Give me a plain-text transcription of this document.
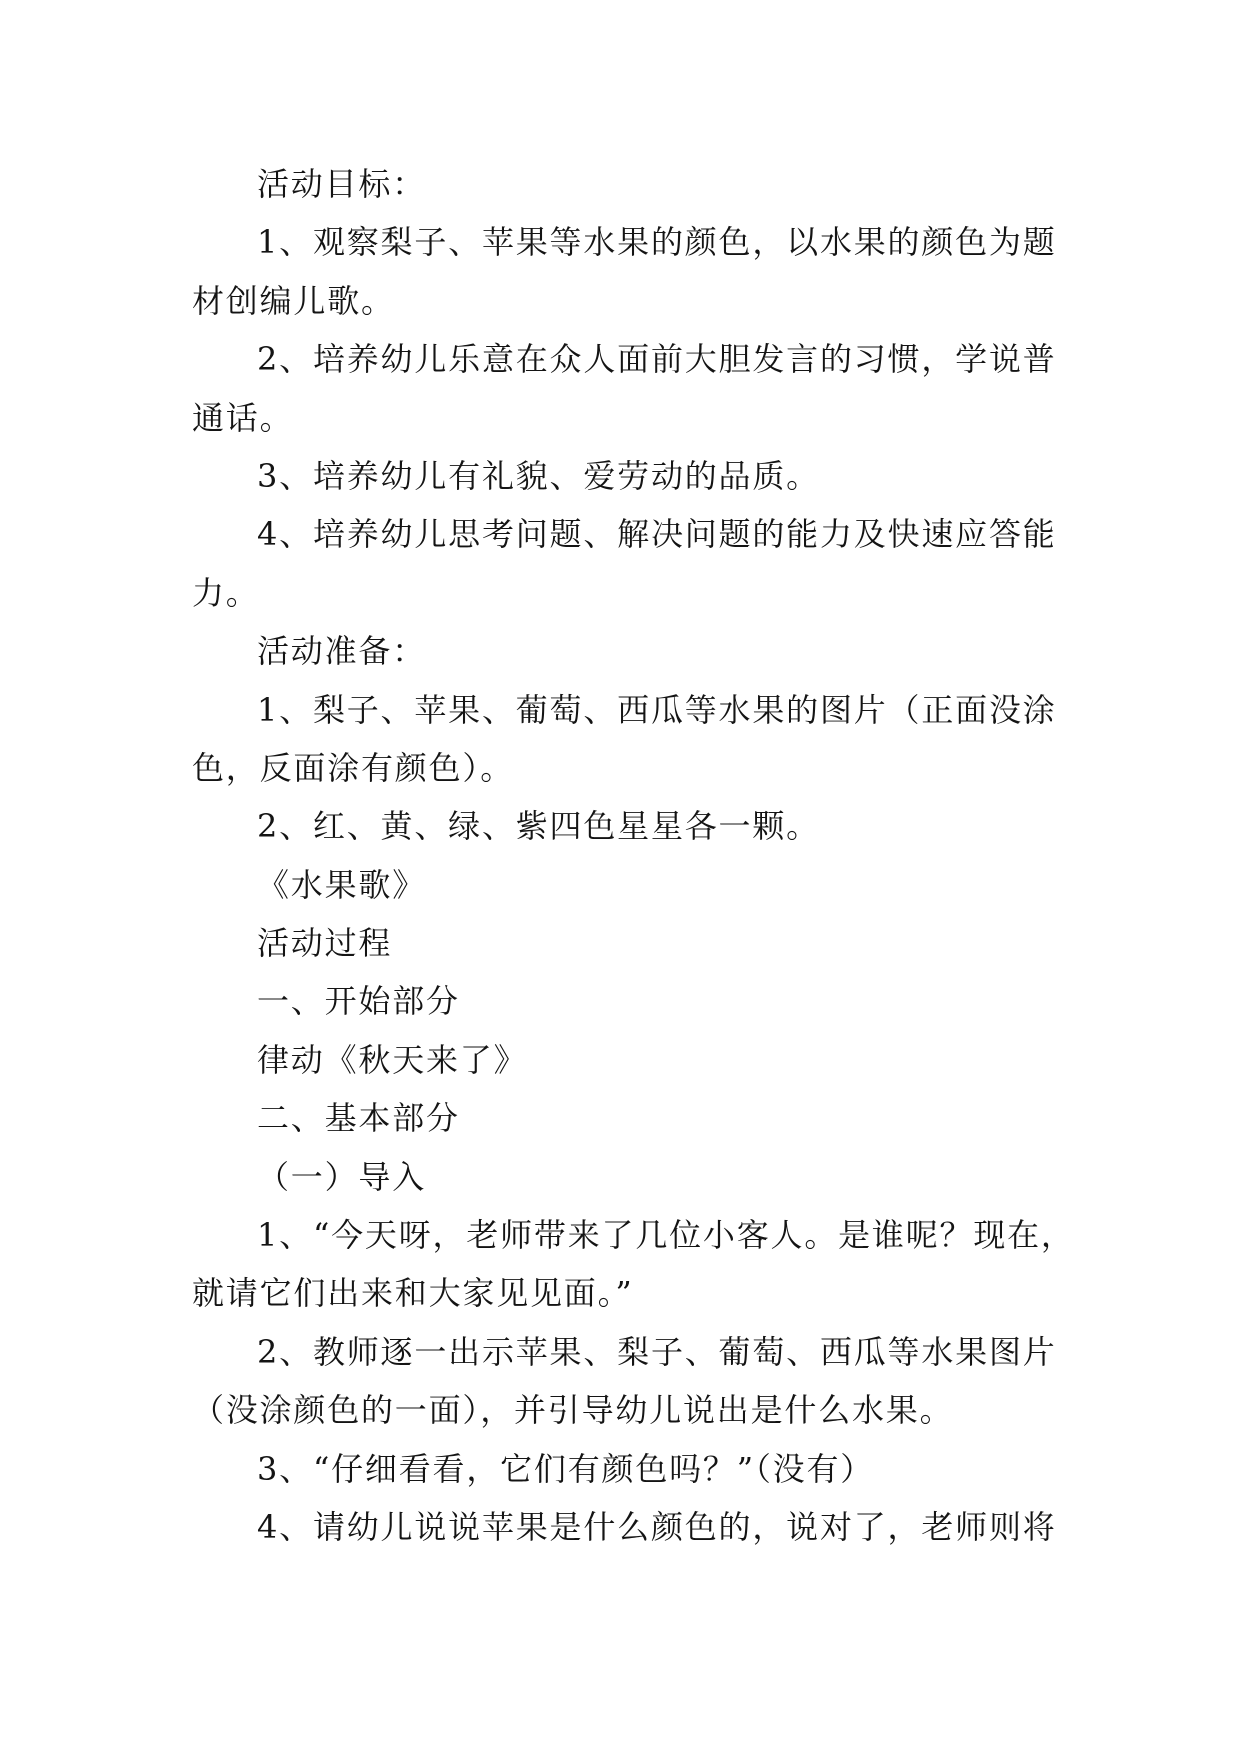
活动目标：
1、观察梨子、苹果等水果的颜色，以水果的颜色为题
材创编儿歌。
2、培养幼儿乐意在众人面前大胆发言的习惯，学说普
通话。
3、培养幼儿有礼貌、爱劳动的品质。
4、培养幼儿思考问题、解决问题的能力及快速应答能
力。
活动准备：
1、梨子、苹果、葡萄、西瓜等水果的图片（正面没涂
色，反面涂有颜色）。
2、红、黄、绿、紫四色星星各一颗。
《水果歌》
活动过程
一、开始部分
律动《秋天来了》
二、基本部分
（一）导入
1、“今天呀，老师带来了几位小客人。是谁呢？现在，
就请它们出来和大家见见面。”
2、教师逐一出示苹果、梨子、葡萄、西瓜等水果图片
（没涂颜色的一面），并引导幼儿说出是什么水果。
3、“仔细看看，它们有颜色吗？”（没有）
4、请幼儿说说苹果是什么颜色的，说对了，老师则将
